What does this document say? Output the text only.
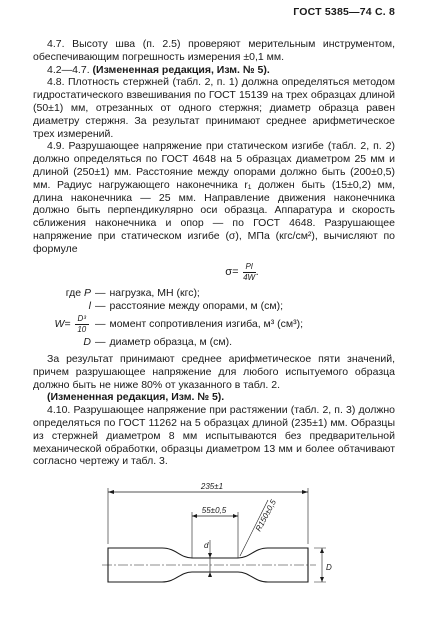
ГОСТ 5385—74 С. 8

4.7. Высоту шва (п. 2.5) проверяют мерительным инструментом, обеспечивающим погрешность измерения ±0,1 мм.

4.2—4.7. (Измененная редакция, Изм. № 5).

4.8. Плотность стержней (табл. 2, п. 1) должна определяться методом гидростатического взвешивания по ГОСТ 15139 на трех образцах длиной (50±1) мм, отрезанных от одного стержня; диаметр образца равен диаметру стержня. За результат принимают среднее арифметическое трех измерений.

4.9. Разрушающее напряжение при статическом изгибе (табл. 2, п. 2) должно определяться по ГОСТ 4648 на 5 образцах диаметром 25 мм и длиной (250±1) мм. Расстояние между опорами должно быть (200±0,5) мм. Радиус нагружающего наконечника r₁ должен быть (15±0,2) мм, длина наконечника — 25 мм. Направление движения наконечника должно быть перпендикулярно оси образца. Аппаратура и скорость сближения наконечника и опор — по ГОСТ 4648. Разрушающее напряжение при статическом изгибе (σ), МПа (кгс/см²), вычисляют по формуле

$\sigma= \frac{Pl}{4W}$ .
где P — нагрузка, МН (кгс);
l — расстояние между опорами, м (см);
$W= \frac{\text{D³}}{10}$ — момент сопротивления изгиба, м³ (см³);
D — диаметр образца, м (см).

За результат принимают среднее арифметическое пяти значений, причем разрушающее напряжение для любого испытуемого образца должно быть не ниже 80% от указанного в табл. 2.

(Измененная редакция, Изм. № 5).

4.10. Разрушающее напряжение при растяжении (табл. 2, п. 3) должно определяться по ГОСТ 11262 на 5 образцах длиной (235±1) мм. Образцы из стержней диаметром 8 мм испытываются без предварительной механической обработки, образцы диаметром 13 мм и более обтачивают согласно чертежу и табл. 3.

235±1
55±0,5	R150±0,5
d
D
